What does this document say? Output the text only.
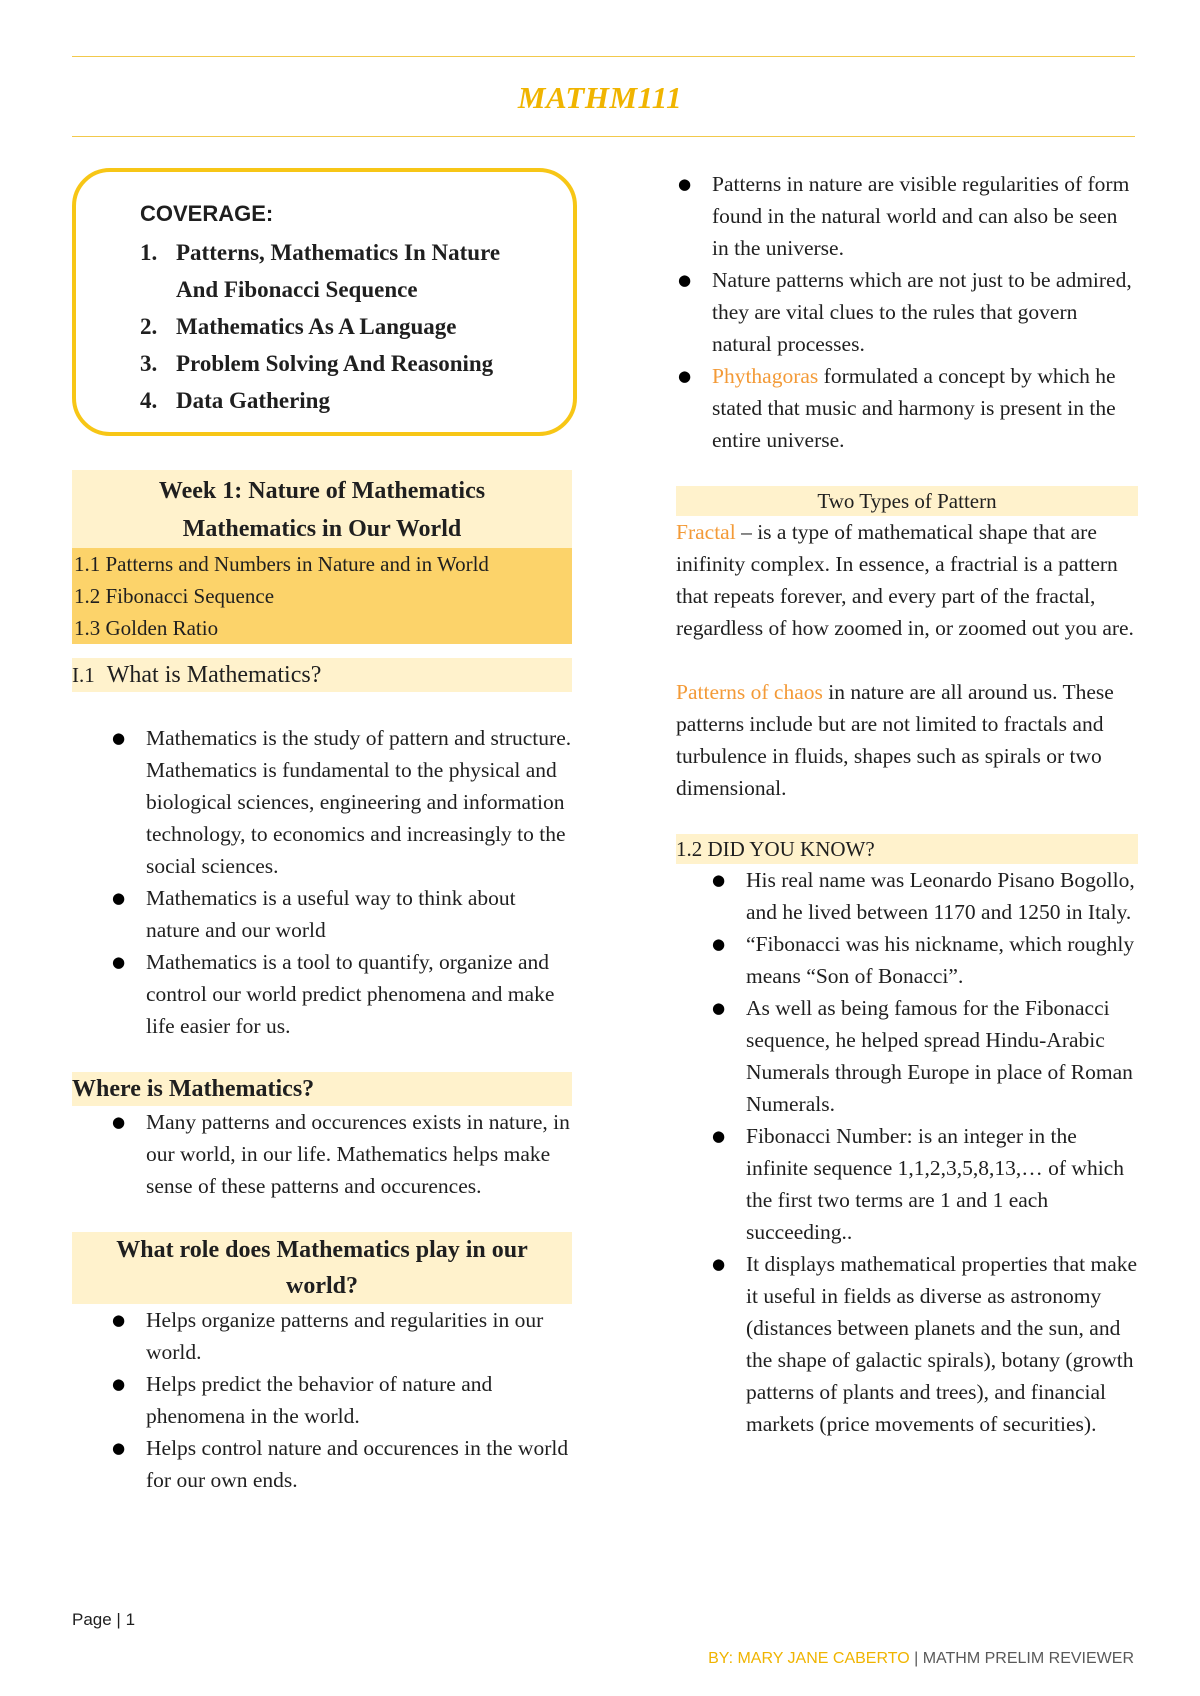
MATHM111
COVERAGE:
1. Patterns, Mathematics In Nature And Fibonacci Sequence
2. Mathematics As A Language
3. Problem Solving And Reasoning
4. Data Gathering
Week 1: Nature of Mathematics
Mathematics in Our World
1.1 Patterns and Numbers in Nature and in World
1.2 Fibonacci Sequence
1.3 Golden Ratio
I.1 What is Mathematics?
● Mathematics is the study of pattern and structure. Mathematics is fundamental to the physical and biological sciences, engineering and information technology, to economics and increasingly to the social sciences.
● Mathematics is a useful way to think about nature and our world
● Mathematics is a tool to quantify, organize and control our world predict phenomena and make life easier for us.
Where is Mathematics?
● Many patterns and occurences exists in nature, in our world, in our life. Mathematics helps make sense of these patterns and occurences.
What role does Mathematics play in our world?
● Helps organize patterns and regularities in our world.
● Helps predict the behavior of nature and phenomena in the world.
● Helps control nature and occurences in the world for our own ends.
● Patterns in nature are visible regularities of form found in the natural world and can also be seen in the universe.
● Nature patterns which are not just to be admired, they are vital clues to the rules that govern natural processes.
● Phythagoras formulated a concept by which he stated that music and harmony is present in the entire universe.
Two Types of Pattern
Fractal – is a type of mathematical shape that are inifinity complex. In essence, a fractrial is a pattern that repeats forever, and every part of the fractal, regardless of how zoomed in, or zoomed out you are.
Patterns of chaos in nature are all around us. These patterns include but are not limited to fractals and turbulence in fluids, shapes such as spirals or two dimensional.
1.2 DID YOU KNOW?
● His real name was Leonardo Pisano Bogollo, and he lived between 1170 and 1250 in Italy.
● “Fibonacci was his nickname, which roughly means “Son of Bonacci”.
● As well as being famous for the Fibonacci sequence, he helped spread Hindu-Arabic Numerals through Europe in place of Roman Numerals.
● Fibonacci Number: is an integer in the infinite sequence 1,1,2,3,5,8,13,… of which the first two terms are 1 and 1 each succeeding..
● It displays mathematical properties that make it useful in fields as diverse as astronomy (distances between planets and the sun, and the shape of galactic spirals), botany (growth patterns of plants and trees), and financial markets (price movements of securities).
Page | 1
BY: MARY JANE CABERTO | MATHM PRELIM REVIEWER
